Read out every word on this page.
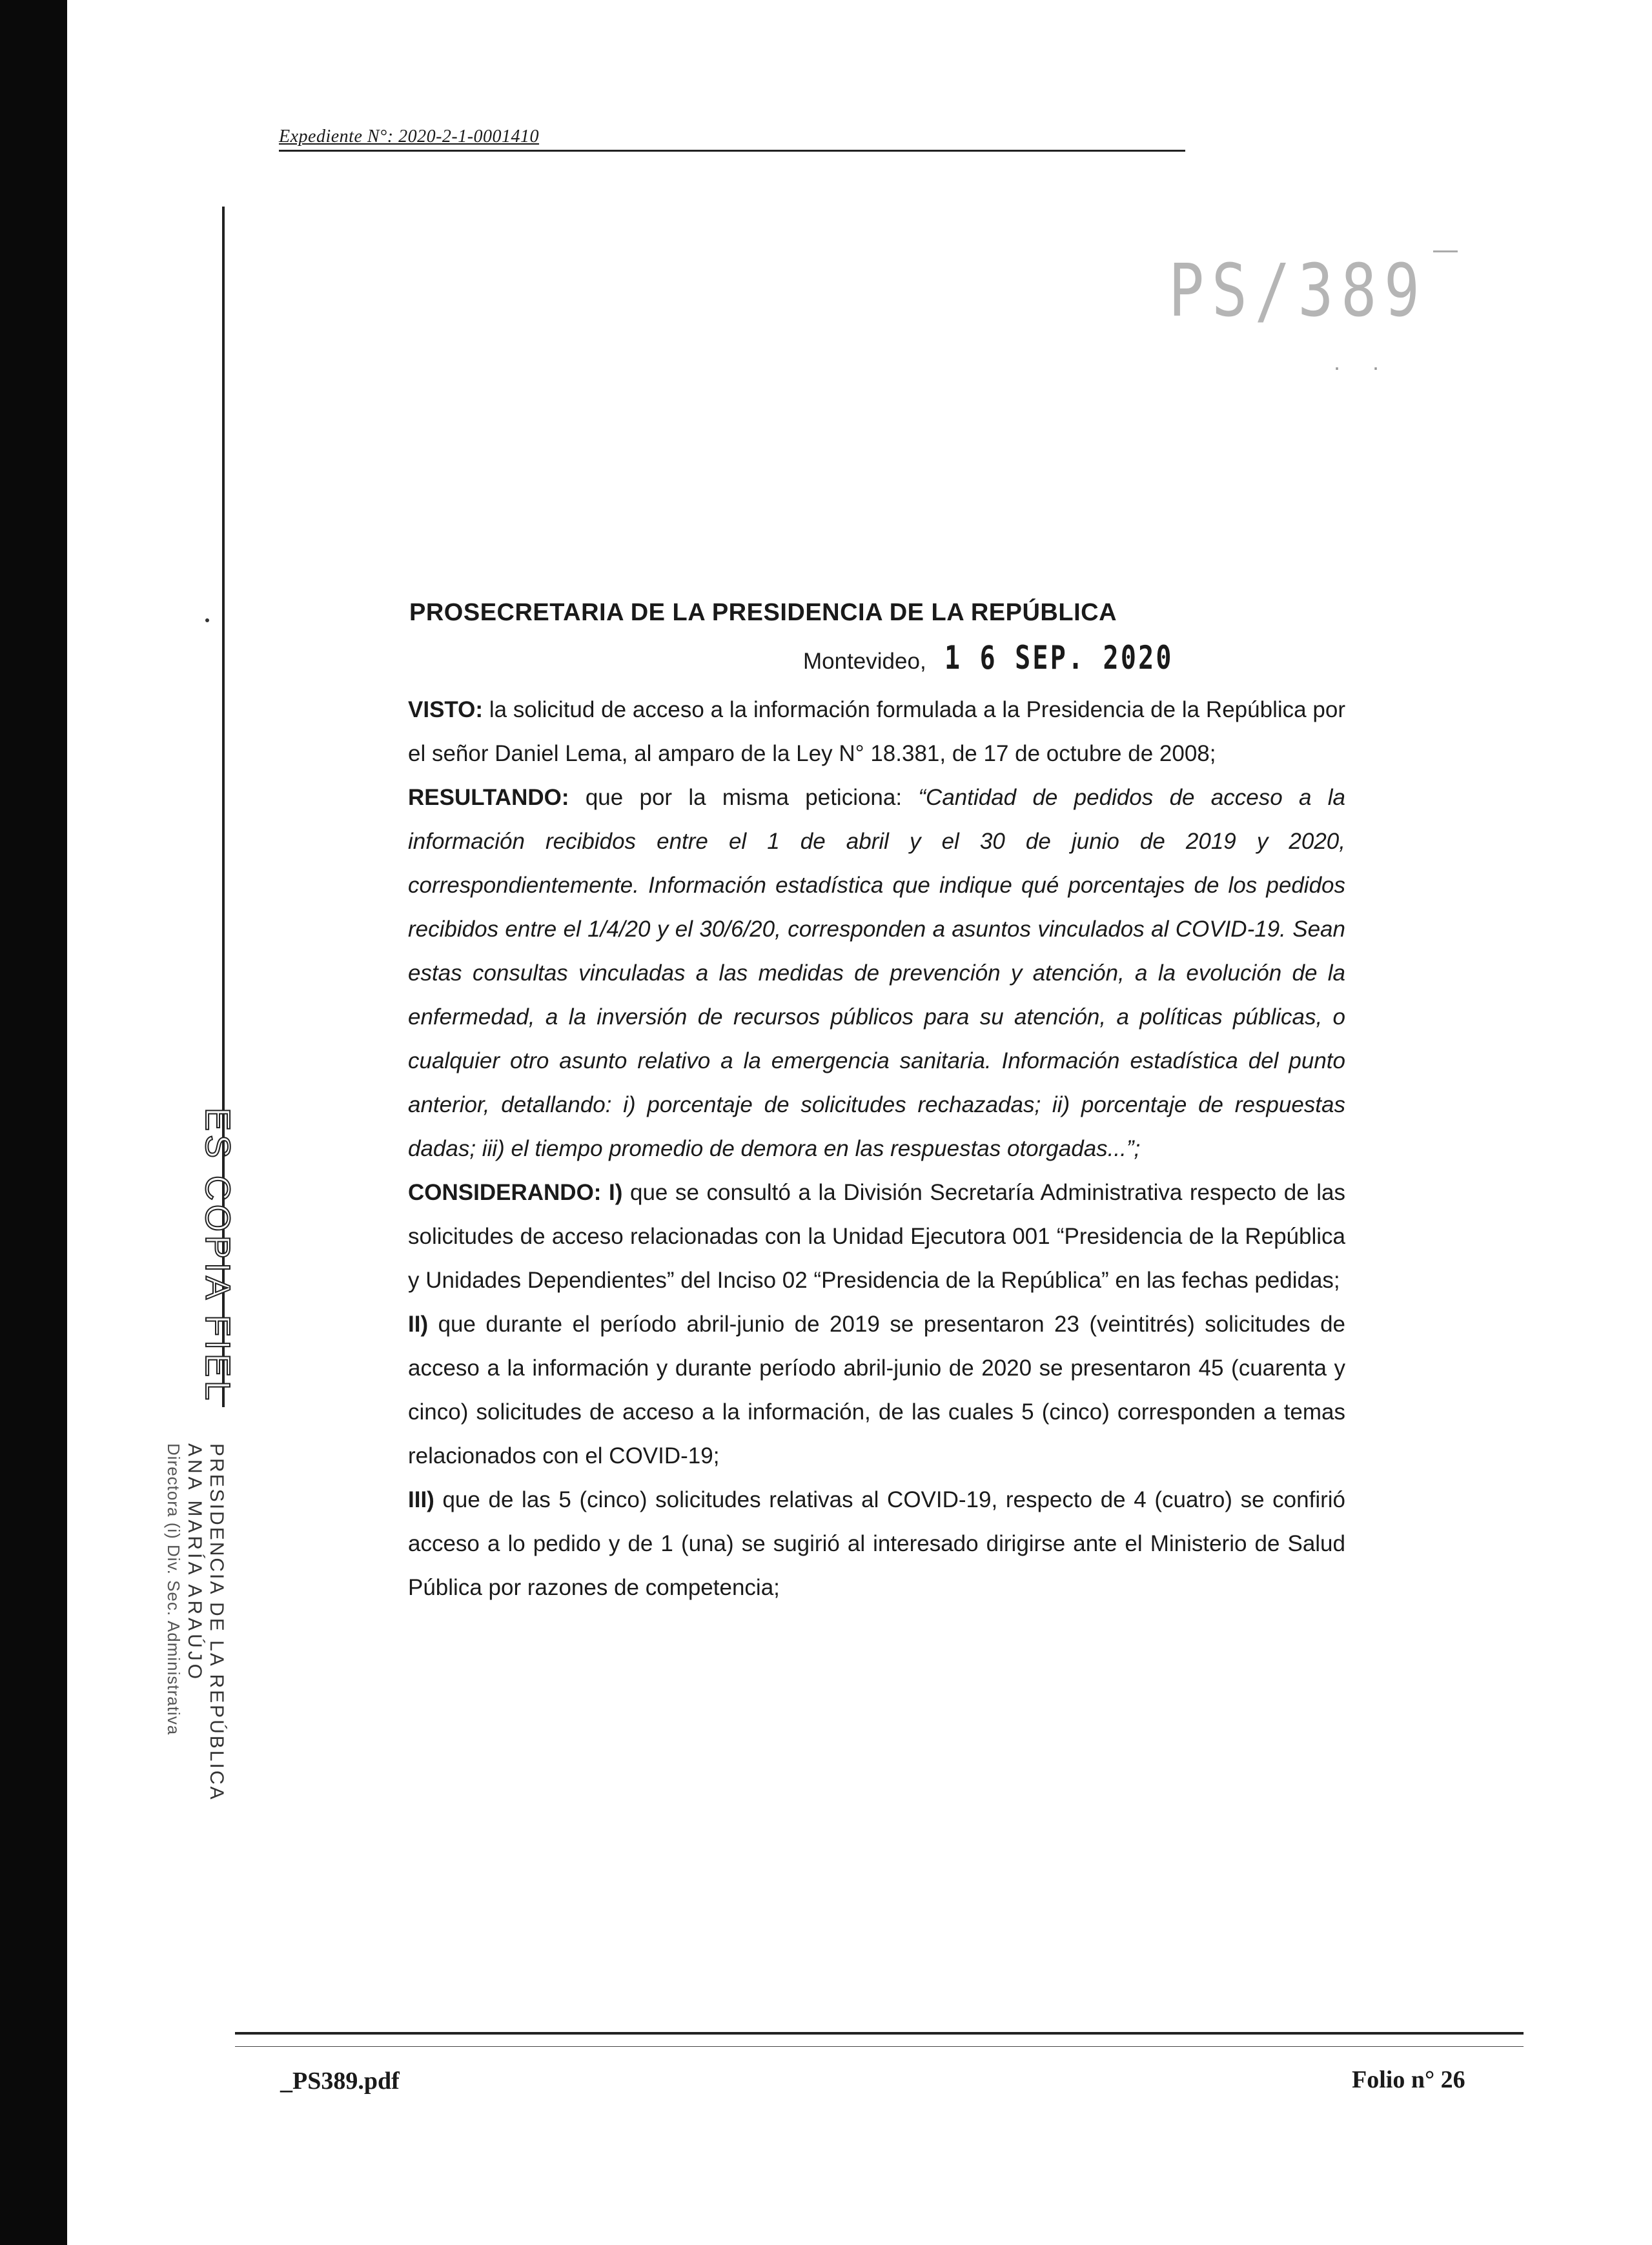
Expediente N°: 2020-2-1-0001410
PS/389
. .
PROSECRETARIA DE LA PRESIDENCIA DE LA REPÚBLICA
Montevideo, 1 6 SEP. 2020
VISTO: la solicitud de acceso a la información formulada a la Presidencia de la República por el señor Daniel Lema, al amparo de la Ley N° 18.381, de 17 de octubre de 2008;
RESULTANDO: que por la misma peticiona: “Cantidad de pedidos de acceso a la información recibidos entre el 1 de abril y el 30 de junio de 2019 y 2020, correspondientemente. Información estadística que indique qué porcentajes de los pedidos recibidos entre el 1/4/20 y el 30/6/20, corresponden a asuntos vinculados al COVID-19. Sean estas consultas vinculadas a las medidas de prevención y atención, a la evolución de la enfermedad, a la inversión de recursos públicos para su atención, a políticas públicas, o cualquier otro asunto relativo a la emergencia sanitaria. Información estadística del punto anterior, detallando: i) porcentaje de solicitudes rechazadas; ii) porcentaje de respuestas dadas; iii) el tiempo promedio de demora en las respuestas otorgadas...”;
CONSIDERANDO: I) que se consultó a la División Secretaría Administrativa respecto de las solicitudes de acceso relacionadas con la Unidad Ejecutora 001 “Presidencia de la República y Unidades Dependientes” del Inciso 02 “Presidencia de la República” en las fechas pedidas;
II) que durante el período abril-junio de 2019 se presentaron 23 (veintitrés) solicitudes de acceso a la información y durante período abril-junio de 2020 se presentaron 45 (cuarenta y cinco) solicitudes de acceso a la información, de las cuales 5 (cinco) corresponden a temas relacionados con el COVID-19;
III) que de las 5 (cinco) solicitudes relativas al COVID-19, respecto de 4 (cuatro) se confirió acceso a lo pedido y de 1 (una) se sugirió al interesado dirigirse ante el Ministerio de Salud Pública por razones de competencia;
ES COPIA FIEL
PRESIDENCIA DE LA REPÚBLICA
ANA MARÍA ARAÚJO
Directora (i) Div. Sec. Administrativa
_PS389.pdf	Folio n° 26
